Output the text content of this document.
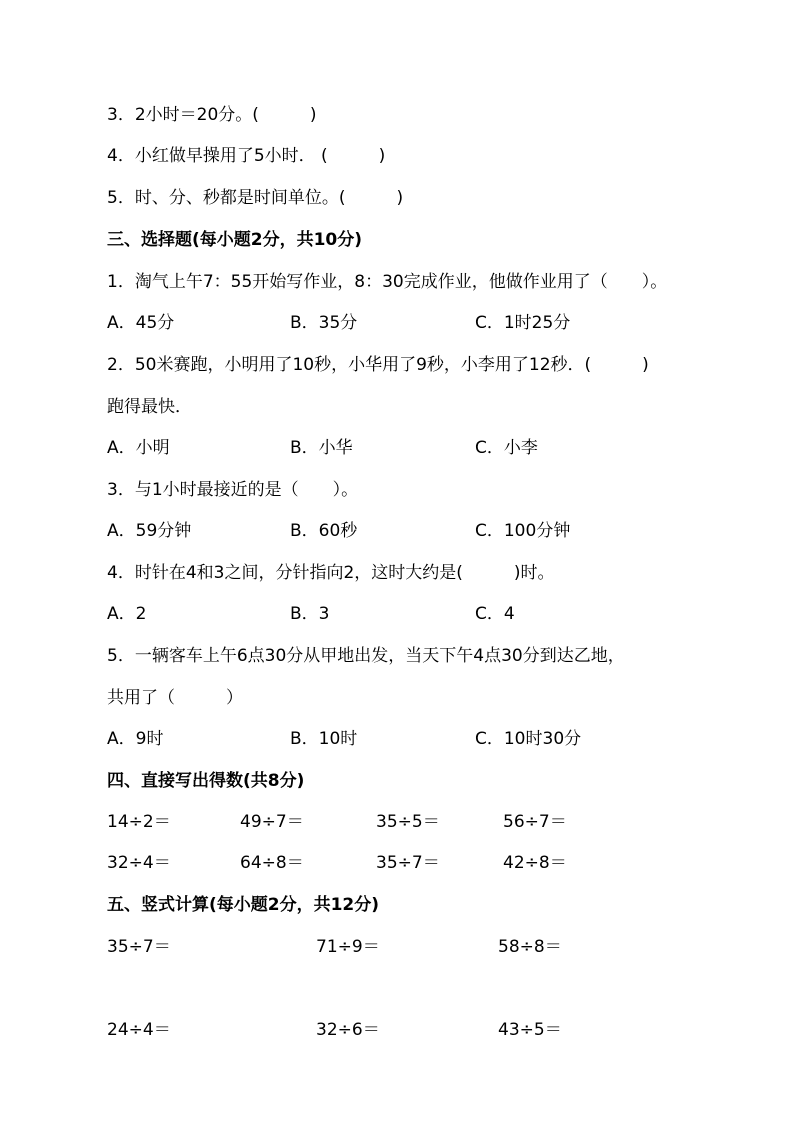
3．2小时＝20分。(　　　)
4．小红做早操用了5小时． (　　　)
5．时、分、秒都是时间单位。(　　　)
三、选择题(每小题2分，共10分)
1．淘气上午7：55开始写作业，8：30完成作业，他做作业用了（　　）。
A．45分	B．35分	C．1时25分
2．50米赛跑，小明用了10秒，小华用了9秒，小李用了12秒．(　　　)
跑得最快．
A．小明	B．小华	C．小李
3．与1小时最接近的是（　　）。
A．59分钟	B．60秒	C．100分钟
4．时针在4和3之间，分针指向2，这时大约是(　　　)时。
A．2	B．3	C．4
5．一辆客车上午6点30分从甲地出发，当天下午4点30分到达乙地，
共用了（　　　）
A．9时	B．10时	C．10时30分
四、直接写出得数(共8分)
14÷2＝	49÷7＝	35÷5＝	56÷7＝
32÷4＝	64÷8＝	35÷7＝	42÷8＝
五、竖式计算(每小题2分，共12分)
35÷7＝	71÷9＝	58÷8＝
24÷4＝	32÷6＝	43÷5＝
